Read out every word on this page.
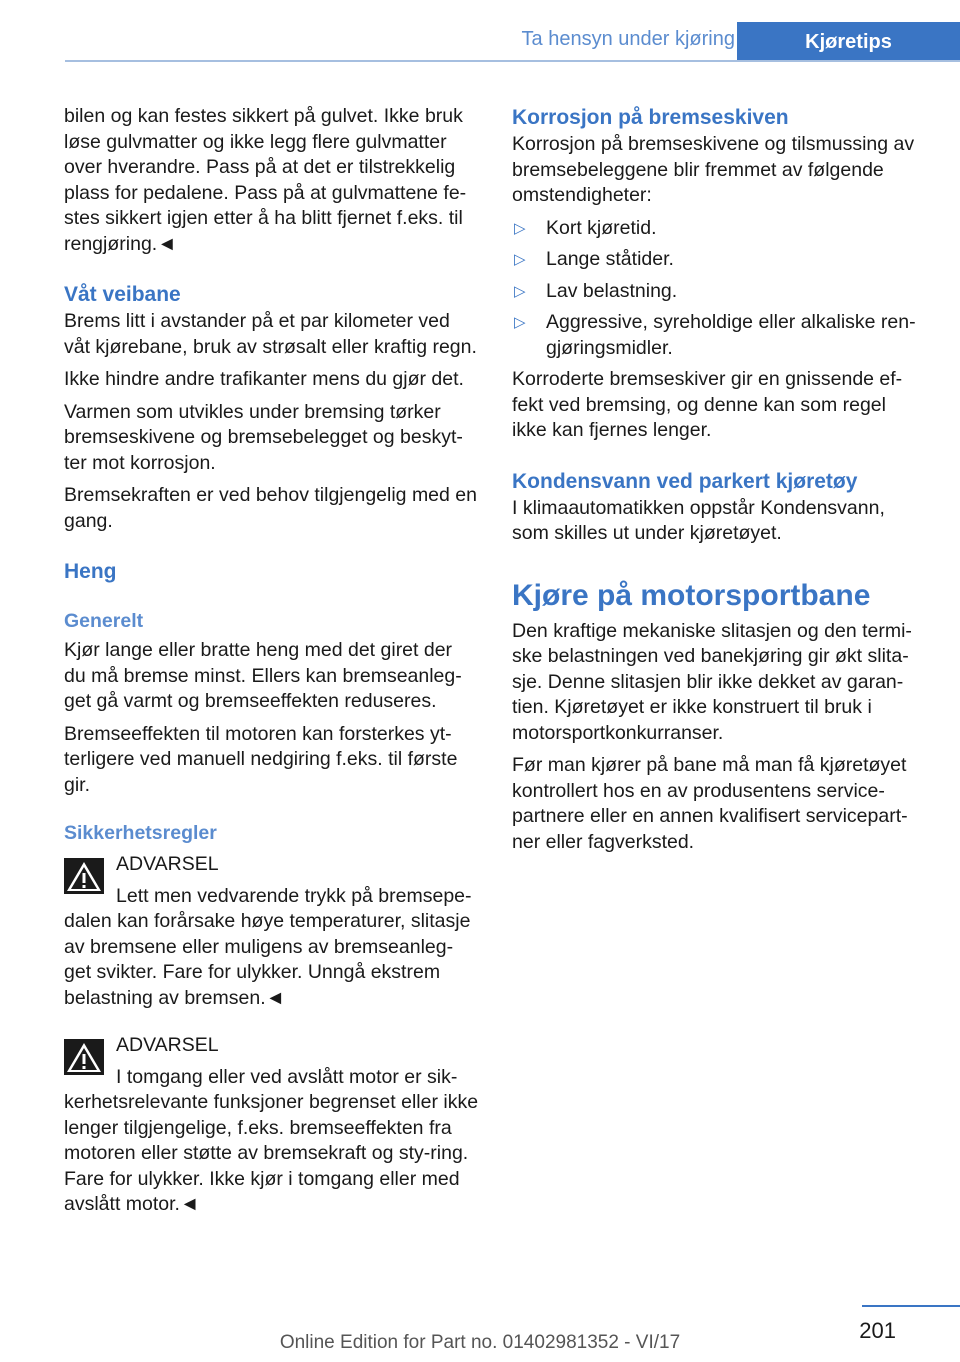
Ta hensyn under kjøring	Kjøretips

bilen og kan festes sikkert på gulvet. Ikke bruk løse gulvmatter og ikke legg flere gulvmatter over hverandre. Pass på at det er tilstrekkelig plass for pedalene. Pass på at gulvmattene fe-stes sikkert igjen etter å ha blitt fjernet f.eks. til rengjøring.◄

Våt veibane

Brems litt i avstander på et par kilometer ved våt kjørebane, bruk av strøsalt eller kraftig regn.

Ikke hindre andre trafikanter mens du gjør det.

Varmen som utvikles under bremsing tørker bremseskivene og bremsebelegget og beskyt-ter mot korrosjon.

Bremsekraften er ved behov tilgjengelig med en gang.

Heng
Generelt

Kjør lange eller bratte heng med det giret der du må bremse minst. Ellers kan bremseanleg-get gå varmt og bremseeffekten reduseres.

Bremseeffekten til motoren kan forsterkes yt-terligere ved manuell nedgiring f.eks. til første gir.

Sikkerhetsregler
ADVARSEL
Lett men vedvarende trykk på bremsepe-dalen kan forårsake høye temperaturer, slitasje av bremsene eller muligens av bremseanleg-get svikter. Fare for ulykker. Unngå ekstrem belastning av bremsen.◄
ADVARSEL
I tomgang eller ved avslått motor er sik-kerhetsrelevante funksjoner begrenset eller ikke lenger tilgjengelige, f.eks. bremseeffekten fra motoren eller støtte av bremsekraft og sty-ring. Fare for ulykker. Ikke kjør i tomgang eller med avslått motor.◄
Korrosjon på bremseskiven

Korrosjon på bremseskivene og tilsmussing av bremsebeleggene blir fremmet av følgende omstendigheter:

▷ Kort kjøretid.
▷ Lange ståtider.
▷ Lav belastning.
▷ Aggressive, syreholdige eller alkaliske ren-gjøringsmidler.

Korroderte bremseskiver gir en gnissende ef-fekt ved bremsing, og denne kan som regel ikke kan fjernes lenger.

Kondensvann ved parkert kjøretøy

I klimaautomatikken oppstår Kondensvann, som skilles ut under kjøretøyet.

Kjøre på motorsportbane

Den kraftige mekaniske slitasjen og den termi-ske belastningen ved banekjøring gir økt slita-sje. Denne slitasjen blir ikke dekket av garan-tien. Kjøretøyet er ikke konstruert til bruk i motorsportkonkurranser.

Før man kjører på bane må man få kjøretøyet kontrollert hos en av produsentens service-partnere eller en annen kvalifisert servicepart-ner eller fagverksted.

201
Online Edition for Part no. 01402981352 - VI/17
